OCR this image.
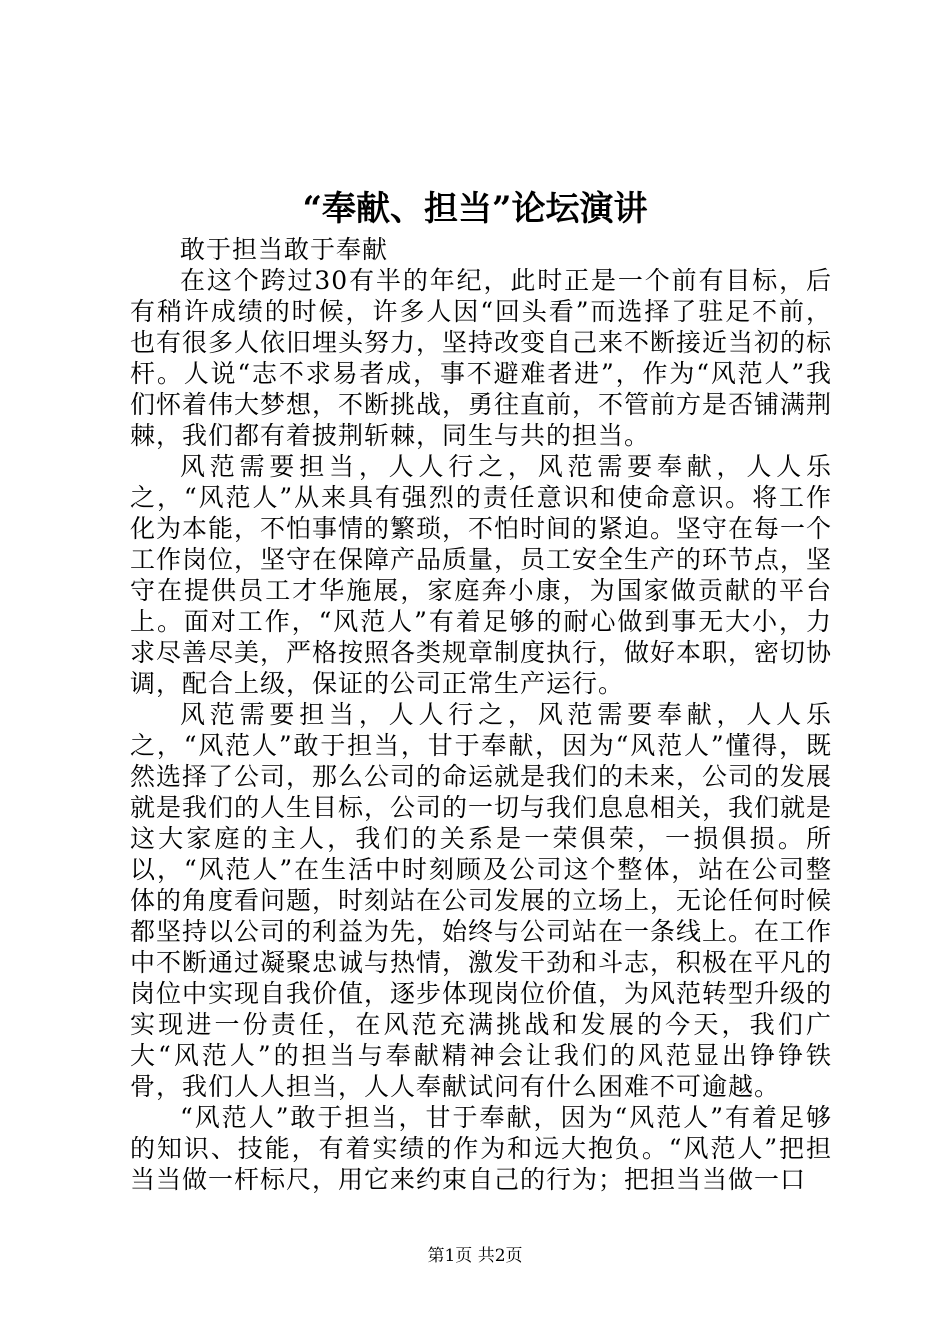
“奉献、担当”论坛演讲

敢于担当敢于奉献

在这个跨过30有半的年纪，此时正是一个前有目标，后有稍许成绩的时候，许多人因“回头看”而选择了驻足不前，也有很多人依旧埋头努力，坚持改变自己来不断接近当初的标杆。人说“志不求易者成，事不避难者进”，作为“风范人”我们怀着伟大梦想，不断挑战，勇往直前，不管前方是否铺满荆棘，我们都有着披荆斩棘，同生与共的担当。

风范需要担当，人人行之，风范需要奉献，人人乐之，“风范人”从来具有强烈的责任意识和使命意识。将工作化为本能，不怕事情的繁琐，不怕时间的紧迫。坚守在每一个工作岗位，坚守在保障产品质量，员工安全生产的环节点，坚守在提供员工才华施展，家庭奔小康，为国家做贡献的平台上。面对工作，“风范人”有着足够的耐心做到事无大小，力求尽善尽美，严格按照各类规章制度执行，做好本职，密切协调，配合上级，保证的公司正常生产运行。

风范需要担当，人人行之，风范需要奉献，人人乐之，“风范人”敢于担当，甘于奉献，因为“风范人”懂得，既然选择了公司，那么公司的命运就是我们的未来，公司的发展就是我们的人生目标，公司的一切与我们息息相关，我们就是这大家庭的主人，我们的关系是一荣俱荣，一损俱损。所以，“风范人”在生活中时刻顾及公司这个整体，站在公司整体的角度看问题，时刻站在公司发展的立场上，无论任何时候都坚持以公司的利益为先，始终与公司站在一条线上。在工作中不断通过凝聚忠诚与热情，激发干劲和斗志，积极在平凡的岗位中实现自我价值，逐步体现岗位价值，为风范转型升级的实现进一份责任，在风范充满挑战和发展的今天，我们广大“风范人”的担当与奉献精神会让我们的风范显出铮铮铁骨，我们人人担当，人人奉献试问有什么困难不可逾越。

“风范人”敢于担当，甘于奉献，因为“风范人”有着足够的知识、技能，有着实绩的作为和远大抱负。“风范人”把担当当做一杆标尺，用它来约束自己的行为；把担当当做一口

第1页 共2页
